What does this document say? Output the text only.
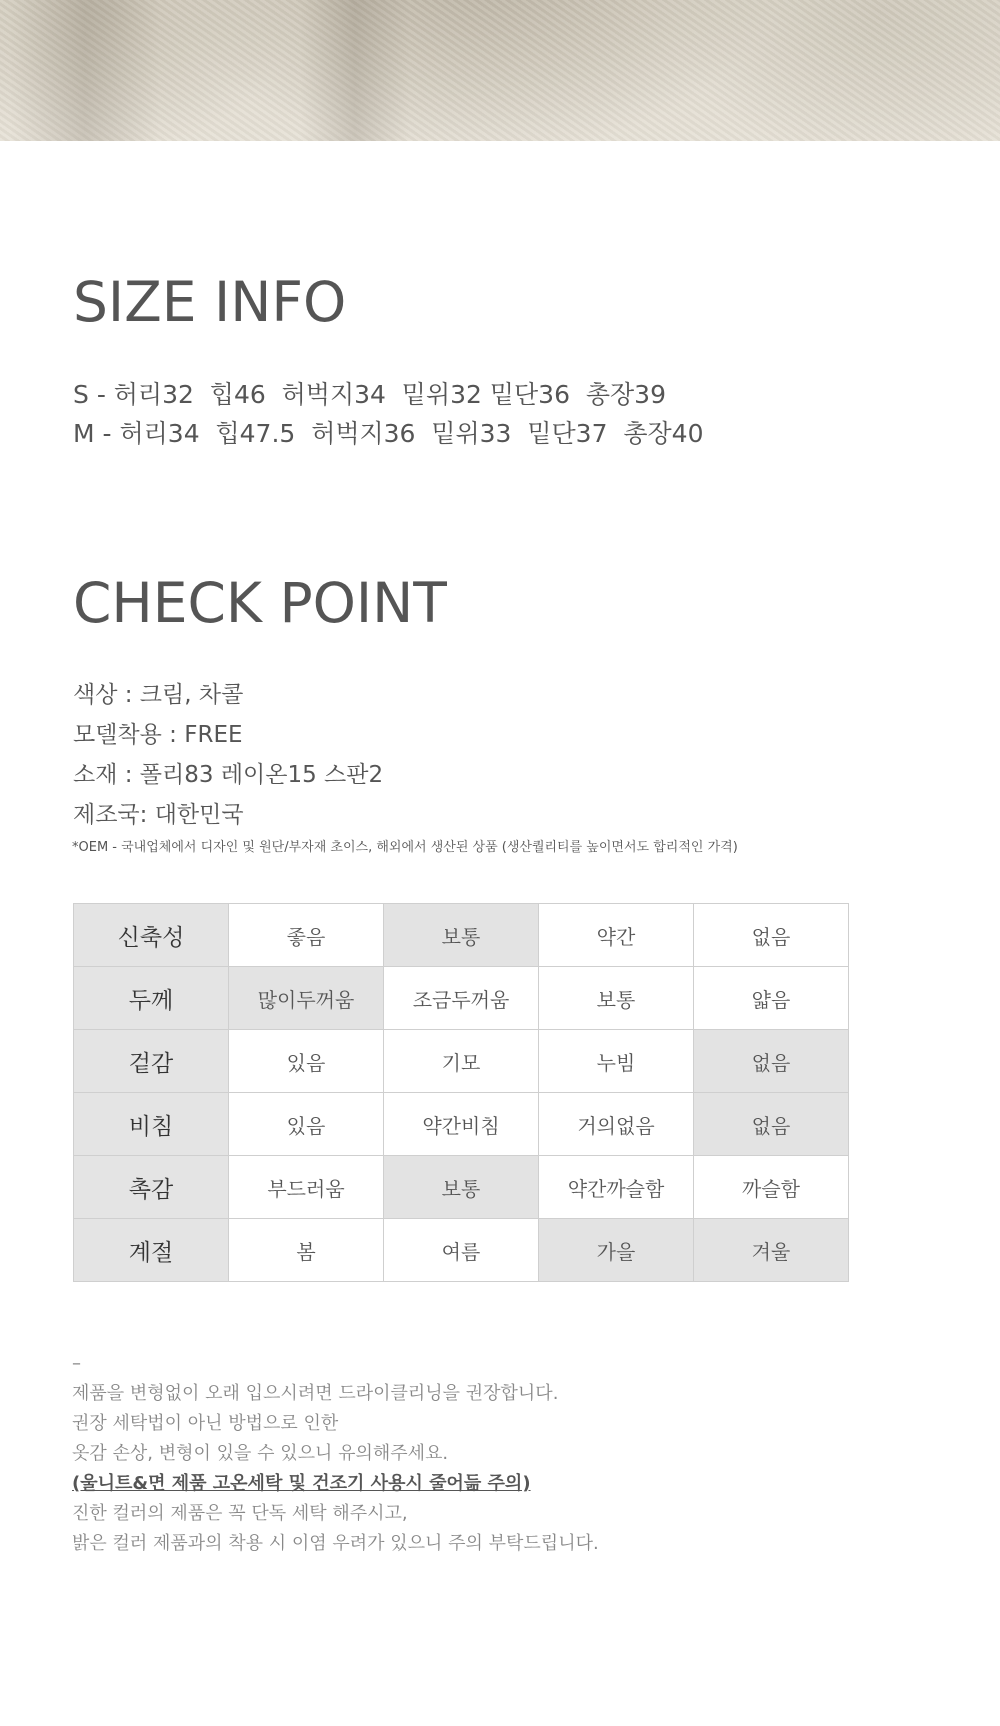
SIZE INFO

S - 허리32  힙46  허벅지34  밑위32 밑단36  총장39

M - 허리34  힙47.5  허벅지36  밑위33  밑단37  총장40

CHECK POINT

색상 : 크림, 차콜

모델착용 : FREE

소재 : 폴리83 레이온15 스판2

제조국: 대한민국

*OEM - 국내업체에서 디자인 및 원단/부자재 초이스, 해외에서 생산된 상품 (생산퀄리티를 높이면서도 합리적인 가격)

신축성	좋음	보통	약간	없음
두께	많이두꺼움	조금두꺼움	보통	얇음
겉감	있음	기모	누빔	없음
비침	있음	약간비침	거의없음	없음
촉감	부드러움	보통	약간까슬함	까슬함
계절	봄	여름	가을	겨울
–
제품을 변형없이 오래 입으시려면 드라이클리닝을 권장합니다.
권장 세탁법이 아닌 방법으로 인한
옷감 손상, 변형이 있을 수 있으니 유의해주세요.
(울니트&면 제품 고온세탁 및 건조기 사용시 줄어듦 주의)
진한 컬러의 제품은 꼭 단독 세탁 해주시고,
밝은 컬러 제품과의 착용 시 이염 우려가 있으니 주의 부탁드립니다.
